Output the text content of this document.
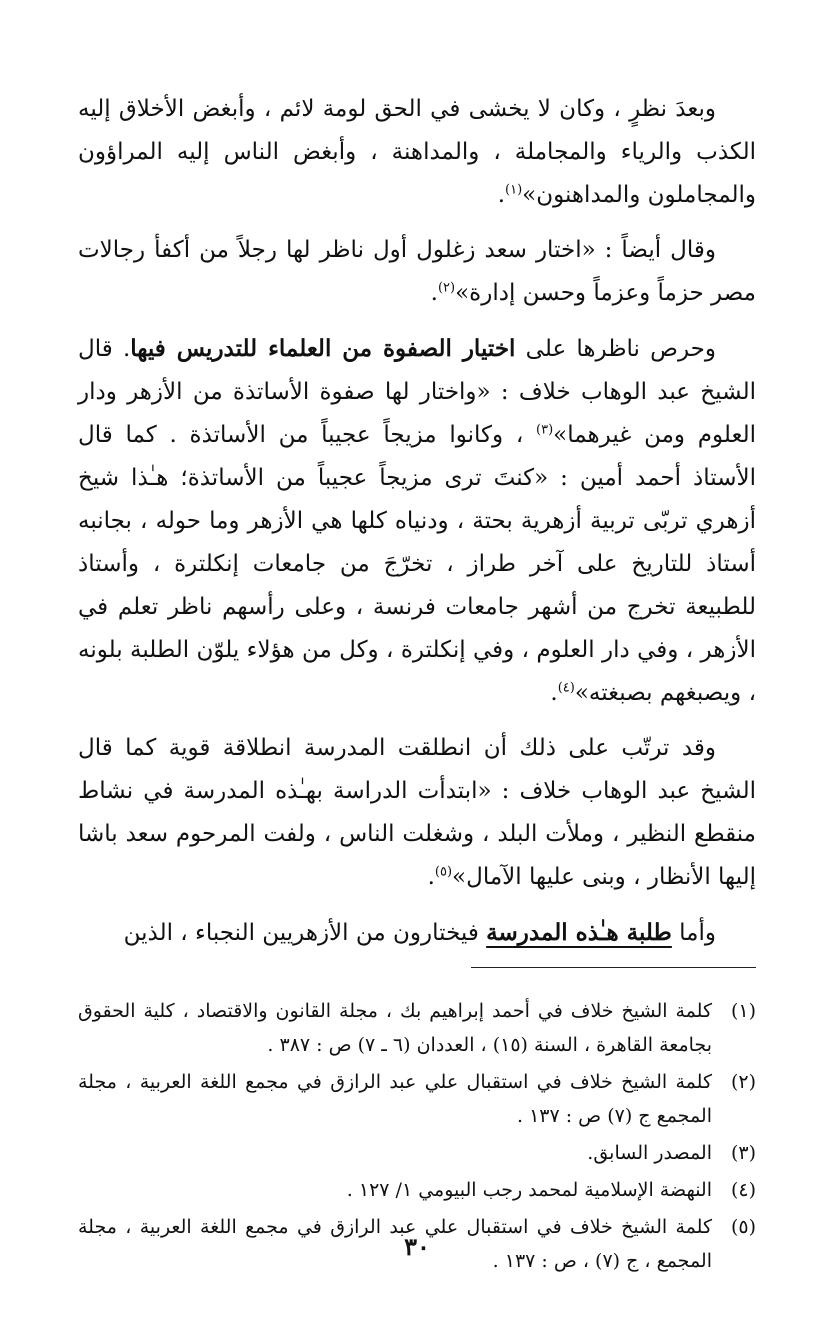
وبعدَ نظرٍ ، وكان لا يخشى في الحق لومة لائم ، وأبغض الأخلاق إليه الكذب والرياء والمجاملة ، والمداهنة ، وأبغض الناس إليه المراؤون والمجاملون والمداهنون»$^{(١)}$.

وقال أيضاً : «اختار سعد زغلول أول ناظر لها رجلاً من أكفأ رجالات مصر حزماً وعزماً وحسن إدارة»$^{(٢)}$.

وحرص ناظرها على اختيار الصفوة من العلماء للتدريس فيها. قال الشيخ عبد الوهاب خلاف : «واختار لها صفوة الأساتذة من الأزهر ودار العلوم ومن غيرهما»$^{(٣)}$ ، وكانوا مزيجاً عجيباً من الأساتذة . كما قال الأستاذ أحمد أمين : «كنتَ ترى مزيجاً عجيباً من الأساتذة؛ هـٰذا شيخ أزهري تربّى تربية أزهرية بحتة ، ودنياه كلها هي الأزهر وما حوله ، بجانبه أستاذ للتاريخ على آخر طراز ، تخرّجَ من جامعات إنكلترة ، وأستاذ للطبيعة تخرج من أشهر جامعات فرنسة ، وعلى رأسهم ناظر تعلم في الأزهر ، وفي دار العلوم ، وفي إنكلترة ، وكل من هؤلاء يلوّن الطلبة بلونه ، ويصبغهم بصبغته»$^{(٤)}$.

وقد ترتّب على ذلك أن انطلقت المدرسة انطلاقة قوية كما قال الشيخ عبد الوهاب خلاف : «ابتدأت الدراسة بهـٰذه المدرسة في نشاط منقطع النظير ، وملأت البلد ، وشغلت الناس ، ولفت المرحوم سعد باشا إليها الأنظار ، وبنى عليها الآمال»$^{(٥)}$.

وأما طلبة هـٰذه المدرسة فيختارون من الأزهريين النجباء ، الذين

(١)
كلمة الشيخ خلاف في أحمد إبراهيم بك ، مجلة القانون والاقتصاد ، كلية الحقوق بجامعة القاهرة ، السنة (١٥) ، العددان (٦ ـ ٧) ص : ٣٨٧ .
(٢)
كلمة الشيخ خلاف في استقبال علي عبد الرازق في مجمع اللغة العربية ، مجلة المجمع ج (٧) ص : ١٣٧ .
(٣)
المصدر السابق.
(٤)
النهضة الإسلامية لمحمد رجب البيومي ١/ ١٢٧ .
(٥)
كلمة الشيخ خلاف في استقبال علي عبد الرازق في مجمع اللغة العربية ، مجلة المجمع ، ج (٧) ، ص : ١٣٧ .
٣٠
